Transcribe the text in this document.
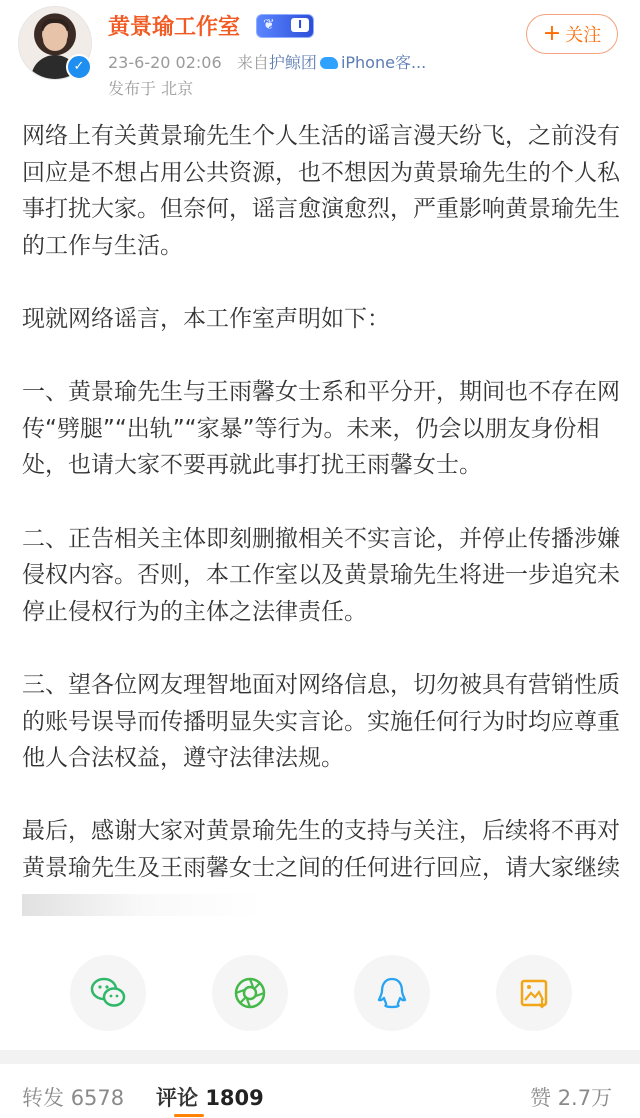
✓
黄景瑜工作室 ❦	I
23-6-20 02:06 来自护鲸团 iPhone客...
发布于 北京
+ 关注

网络上有关黄景瑜先生个人生活的谣言漫天纷飞，之前没有回应是不想占用公共资源，也不想因为黄景瑜先生的个人私事打扰大家。但奈何，谣言愈演愈烈，严重影响黄景瑜先生的工作与生活。

现就网络谣言，本工作室声明如下：

一、黄景瑜先生与王雨馨女士系和平分开，期间也不存在网传“劈腿”“出轨”“家暴”等行为。未来，仍会以朋友身份相处，也请大家不要再就此事打扰王雨馨女士。

二、正告相关主体即刻删撤相关不实言论，并停止传播涉嫌侵权内容。否则，本工作室以及黄景瑜先生将进一步追究未停止侵权行为的主体之法律责任。

三、望各位网友理智地面对网络信息，切勿被具有营销性质的账号误导而传播明显失实言论。实施任何行为时均应尊重他人合法权益，遵守法律法规。

最后，感谢大家对黄景瑜先生的支持与关注，后续将不再对黄景瑜先生及王雨馨女士之间的任何进行回应，请大家继续

转发 6578 评论 1809	赞 2.7万
